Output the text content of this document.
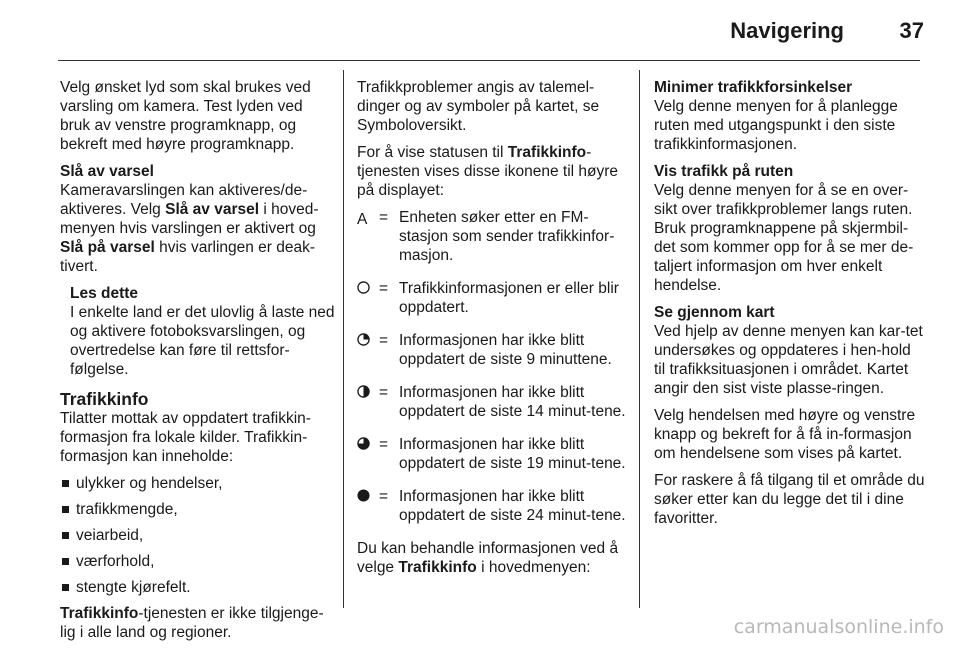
Navigering	37

Velg ønsket lyd som skal brukes ved varsling om kamera. Test lyden ved bruk av venstre programknapp, og bekreft med høyre programknapp.

Slå av varsel

Kameravarslingen kan aktiveres/de-aktiveres. Velg Slå av varsel i hoved-menyen hvis varslingen er aktivert og Slå på varsel hvis varlingen er deak-tivert.

Les dette
I enkelte land er det ulovlig å laste ned og aktivere fotoboksvarslingen, og overtredelse kan føre til rettsfor-følgelse.
Trafikkinfo

Tilatter mottak av oppdatert trafikkin-formasjon fra lokale kilder. Trafikkin-formasjon kan inneholde:

ulykker og hendelser,
trafikkmengde,
veiarbeid,
værforhold,
stengte kjørefelt.

Trafikkinfo-tjenesten er ikke tilgjenge-lig i alle land og regioner.

Trafikkproblemer angis av talemel-dinger og av symboler på kartet, se Symboloversikt.

For å vise statusen til Trafikkinfo-tjenesten vises disse ikonene til høyre på displayet:

A = Enheten søker etter en FM-stasjon som sender trafikkinfor-masjon.
= Trafikkinformasjonen er eller blir oppdatert.
= Informasjonen har ikke blitt oppdatert de siste 9 minuttene.
= Informasjonen har ikke blitt oppdatert de siste 14 minut-tene.
= Informasjonen har ikke blitt oppdatert de siste 19 minut-tene.
= Informasjonen har ikke blitt oppdatert de siste 24 minut-tene.

Du kan behandle informasjonen ved å velge Trafikkinfo i hovedmenyen:

Minimer trafikkforsinkelser
Velg denne menyen for å planlegge ruten med utgangspunkt i den siste trafikkinformasjonen.
Vis trafikk på ruten
Velg denne menyen for å se en over-sikt over trafikkproblemer langs ruten. Bruk programknappene på skjermbil-det som kommer opp for å se mer de-taljert informasjon om hver enkelt hendelse.
Se gjennom kart
Ved hjelp av denne menyen kan kar-tet undersøkes og oppdateres i hen-hold til trafikksituasjonen i området. Kartet angir den sist viste plasse-ringen.

Velg hendelsen med høyre og venstre knapp og bekreft for å få in-formasjon om hendelsene som vises på kartet.

For raskere å få tilgang til et område du søker etter kan du legge det til i dine favoritter.

carmanualsonline.info
